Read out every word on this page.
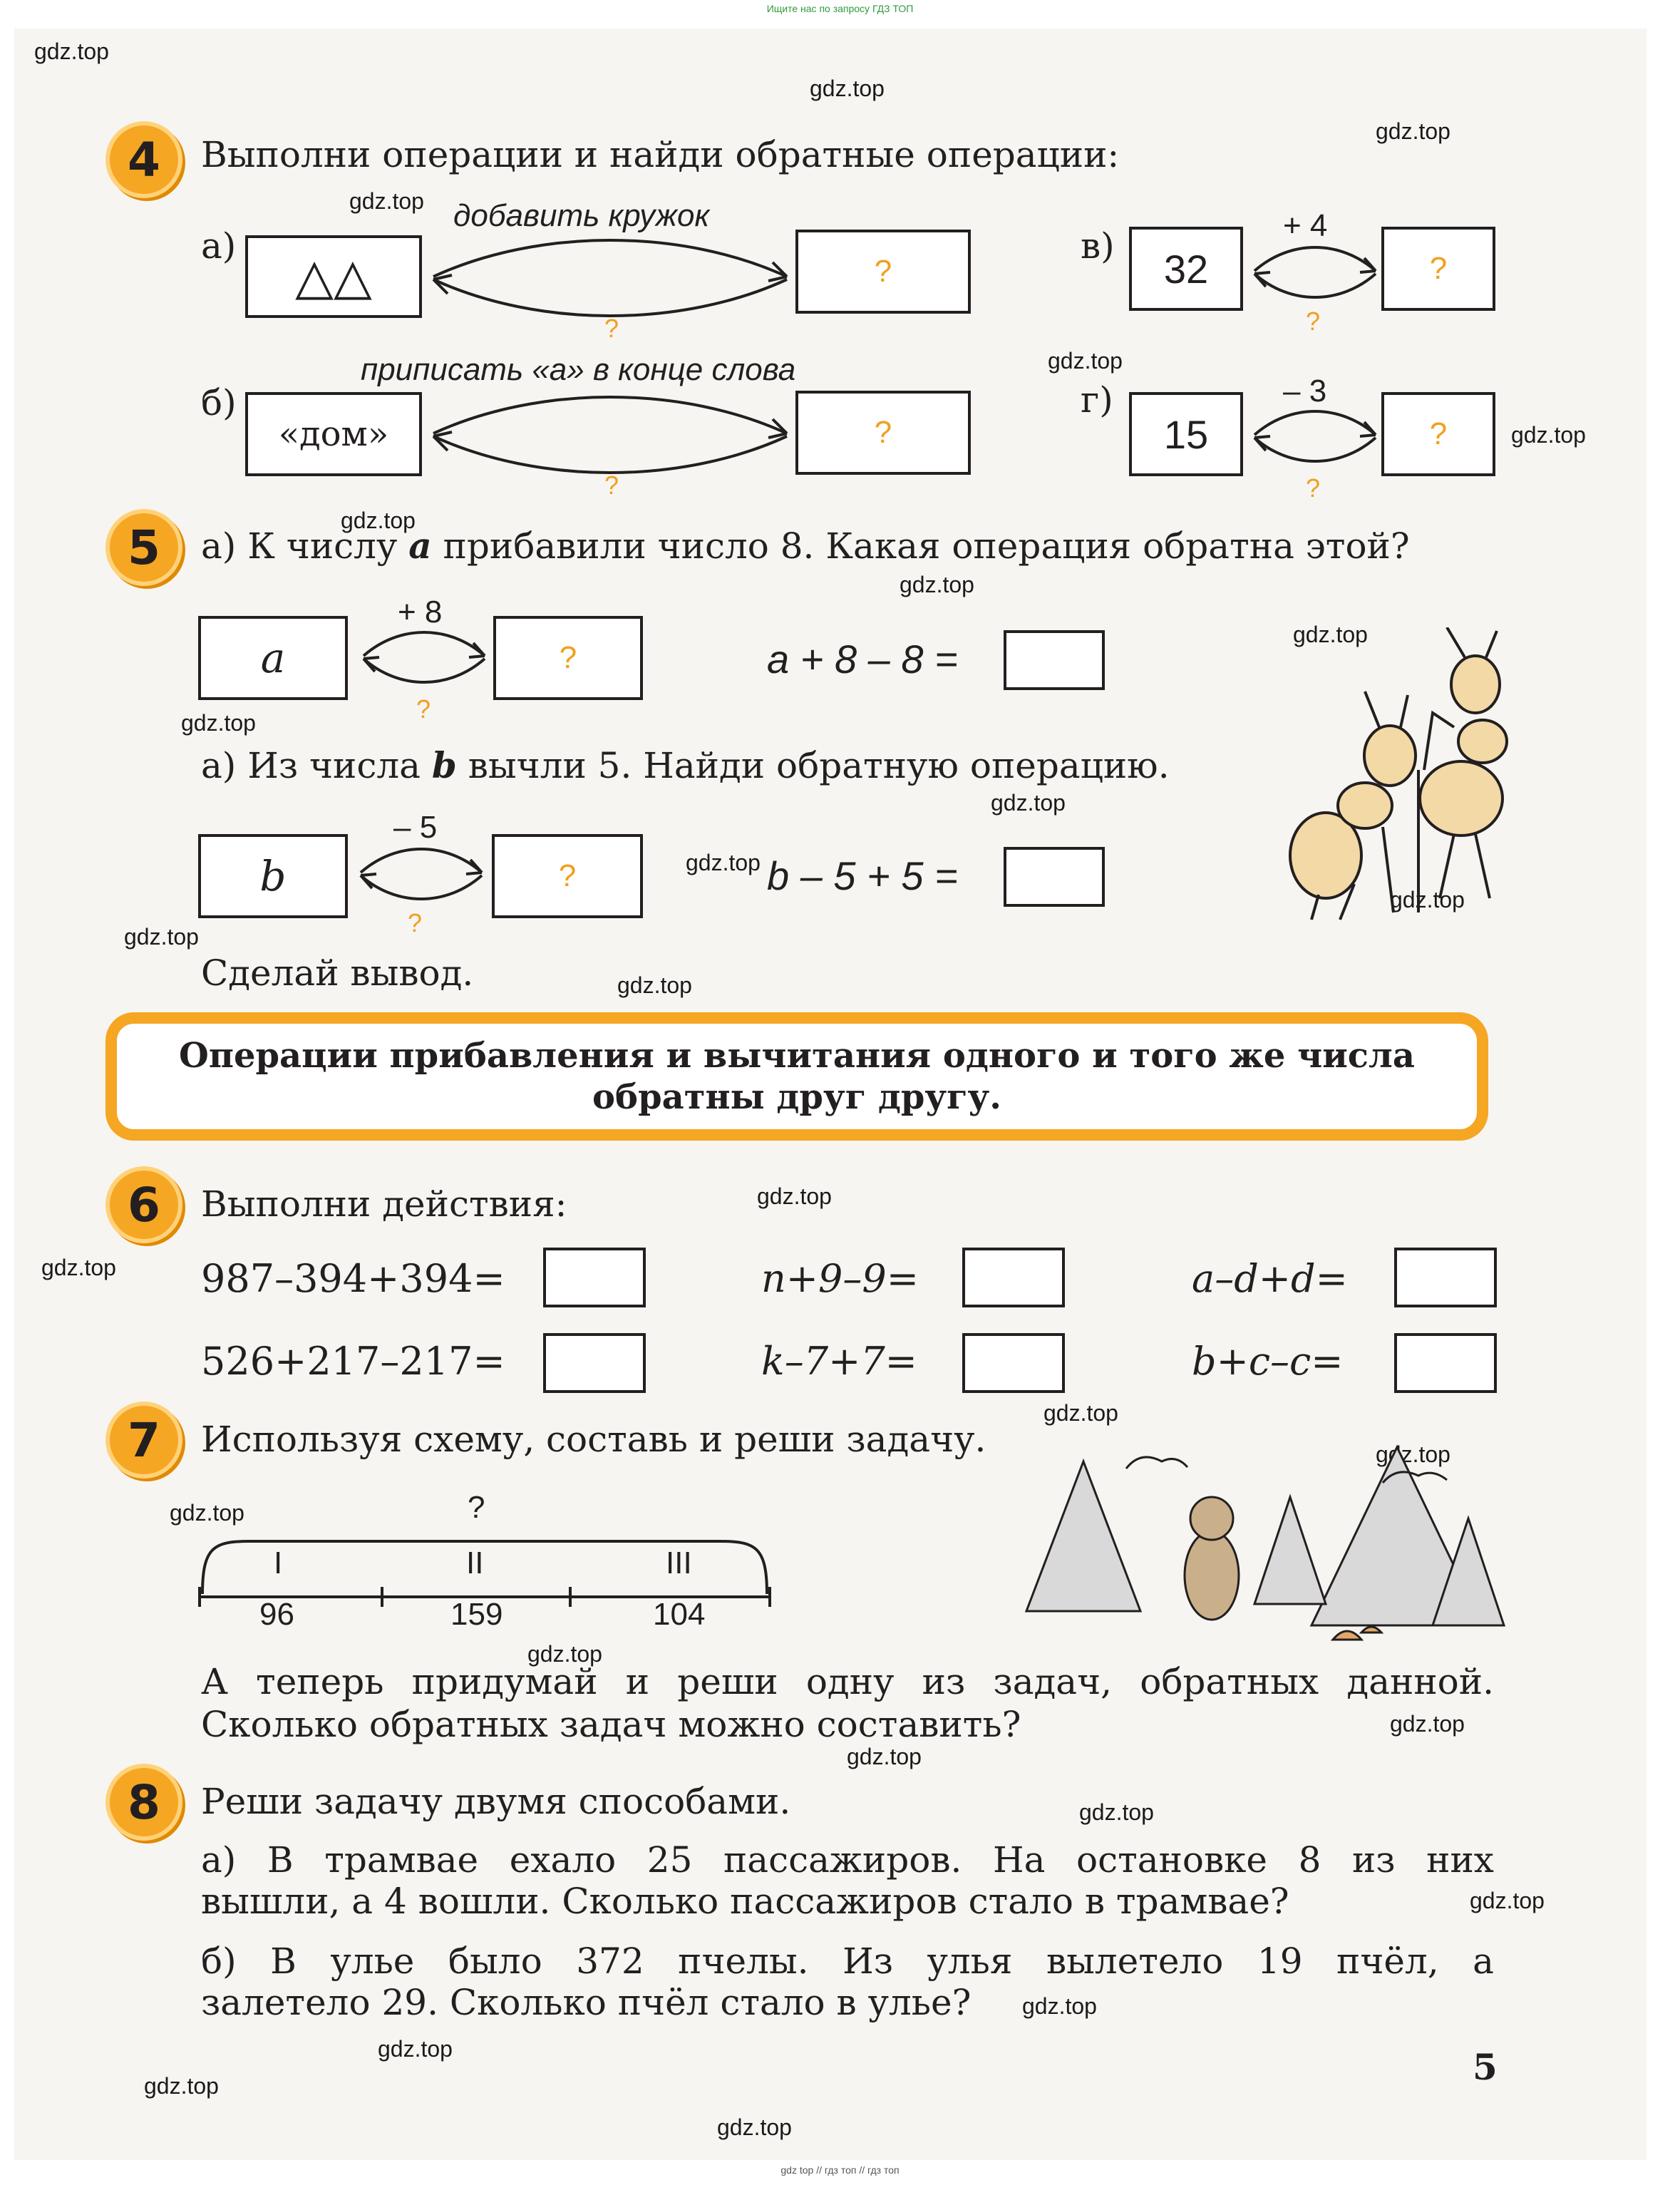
Ищите нас по запросу ГДЗ ТОП
gdz.top
gdz.top
gdz.top
gdz.top
gdz.top
gdz.top
gdz.top
gdz.top
gdz.top
gdz.top
gdz.top
gdz.top
gdz.top
gdz.top
gdz.top
gdz.top
gdz.top
gdz.top
gdz.top
gdz.top
gdz.top
gdz.top
gdz.top
gdz.top
gdz.top
gdz.top
gdz.top
gdz.top
gdz.top
4	Выполни операции и найди обратные операции:
а)
△△
добавить кружок
?
?
б)
«дом»
приписать «а» в конце слова
?
?
в)
32
+ 4
?
?
г)
15
– 3
?
?
5	а) К числу a прибавили число 8. Какая операция обратна этой?
a
+ 8
?
?
a + 8 – 8 =
а) Из числа b вычли 5. Найди обратную операцию.
b
– 5
?
?
b – 5 + 5 =
Сделай вывод.
Операции прибавления и вычитания одного и того же числа
обратны друг другу.
6	Выполни действия:
987–394+394=
526+217–217=
n+9–9=
k–7+7=
a–d+d=
b+c–c=
7	Используя схему, составь и реши задачу.
?
I	II	III
96	159	104
А теперь придумай и реши одну из задач, обратных данной.
Сколько обратных задач можно составить?
8	Реши задачу двумя способами.
а) В трамвае ехало 25 пассажиров. На остановке 8 из них
вышли, а 4 вошли. Сколько пассажиров стало в трамвае?
б) В улье было 372 пчелы. Из улья вылетело 19 пчёл, а
залетело 29. Сколько пчёл стало в улье?
5
gdz top // гдз топ // гдз топ
